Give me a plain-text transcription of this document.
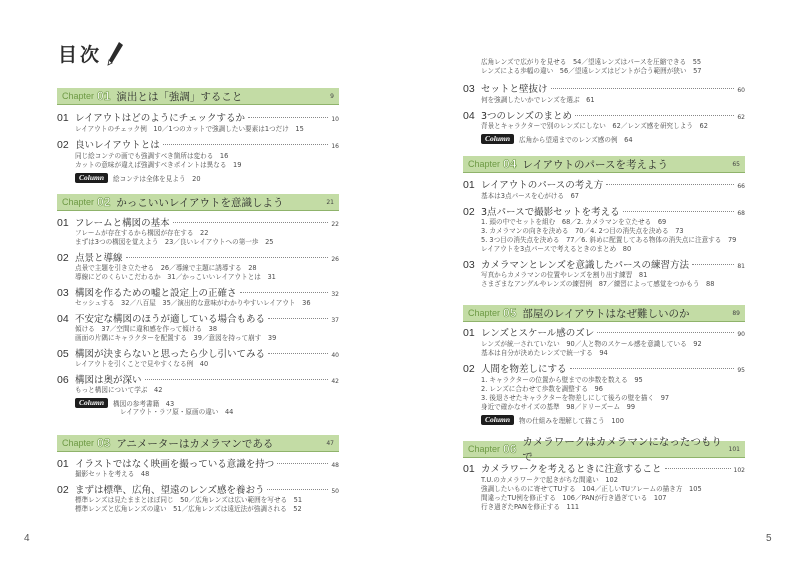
目次
Chapter 01 演出とは「強調」すること	9
01 レイアウトはどのようにチェックするか	10
レイアウトのチェック例　10／1つのカットで強調したい要素は1つだけ　15
02 良いレイアウトとは	16
同じ絵コンテの画でも強調すべき箇所は変わる　16
カットの意味が違えば強調すべきポイントは異なる　19
Column	絵コンテは全体を見よう　20
Chapter 02 かっこいいレイアウトを意識しよう	21
01 フレームと構図の基本	22
フレームが存在するから構図が存在する　22
まずは3つの構図を覚えよう　23／良いレイアウトへの第一歩　25
02 点景と導線	26
点景で主題を引き立たせる　26／導線で主題に誘導する　28
導線にどのくらいこだわるか　31／かっこいいレイアウトとは　31
03 構図を作るための嘘と設定上の正確さ	32
セッシュする　32／八百屋　35／演出的な意味がわかりやすいレイアウト　36
04 不安定な構図のほうが適している場合もある	37
傾ける　37／空間に違和感を作って傾ける　38
画面の片隅にキャラクターを配置する　39／意図を持って崩す　39
05 構図が決まらないと思ったら少し引いてみる	40
レイアウトを引くことで見やすくなる例　40
06 構図は奥が深い	42
もっと構図について学ぶ　42
Column	構図の参考書籍　43
レイアウト・ラフ原・原画の違い　44
Chapter 03 アニメーターはカメラマンである	47
01 イラストではなく映画を撮っている意識を持つ	48
撮影セットを考える　48
02 まずは標準、広角、望遠のレンズ感を養おう	50
標準レンズは見たままとほぼ同じ　50／広角レンズは広い範囲を写せる　51
標準レンズと広角レンズの違い　51／広角レンズは遠近法が強調される　52
広角レンズで広がりを見せる　54／望遠レンズはパースを圧縮できる　55
レンズによる歩幅の違い　56／望遠レンズはピントが合う範囲が狭い　57
03 セットと壁抜け	60
何を強調したいかでレンズを選ぶ　61
04 3つのレンズのまとめ	62
背景とキャラクターで別のレンズにしない　62／レンズ感を研究しよう　62
Column	広角から望遠までのレンズ感の例　64
Chapter 04 レイアウトのパースを考えよう	65
01 レイアウトのパースの考え方	66
基本は3点パースを心がける　67
02 3点パースで撮影セットを考える	68
1. 頭の中でセットを組む　68／2. カメラマンを立たせる　69
3. カメラマンの向きを決める　70／4. 2つ目の消失点を決める　73
5. 3つ目の消失点を決める　77／6. 斜めに配置してある物体の消失点に注意する　79
レイアウトを3点パースで考えるときのまとめ　80
03 カメラマンとレンズを意識したパースの練習方法	81
写真からカメラマンの位置やレンズを割り出す練習　81
さまざまなアングルやレンズの練習例　87／練習によって感覚をつかもう　88
Chapter 05 部屋のレイアウトはなぜ難しいのか	89
01 レンズとスケール感のズレ	90
レンズが統一されていない　90／人と物のスケール感を意識している　92
基本は自分が決めたレンズで統一する　94
02 人間を物差しにする	95
1. キャラクターの位置から壁までの歩数を数える　95
2. レンズに合わせて歩数を調整する　96
3. 後退させたキャラクターを物差しにして後ろの壁を描く　97
身近で確かなサイズの基準　98／ドリーズーム　99
Column	物の仕組みを理解して描こう　100
Chapter 06 カメラワークはカメラマンになったつもりで
101
01 カメラワークを考えるときに注意すること	102
T.U.のカメラワークで起きがちな間違い　102
強調したいものに寄せてTUする　104／正しいTUフレームの描き方　105
間違ったTU例を修正する　106／PANが行き過ぎている　107
行き過ぎたPANを修正する　111
4	5
